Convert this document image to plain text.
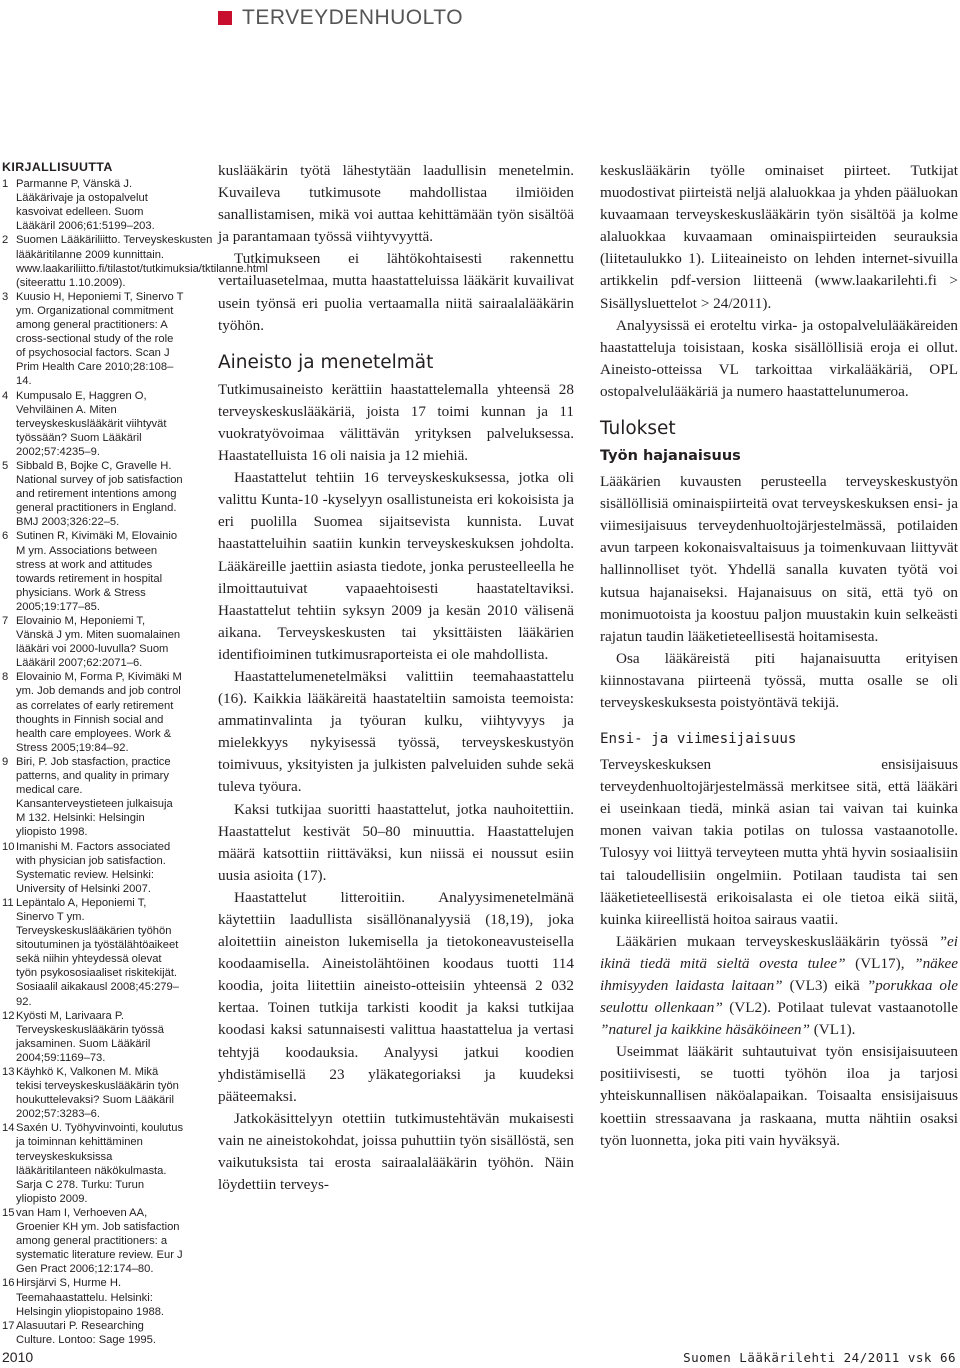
TERVEYDENHUOLTO
KIRJALLISUUTTA
1 Parmanne P, Vänskä J. Lääkärivaje ja ostopalvelut kasvoivat edelleen. Suom Lääkäril 2006;61:5199–203.
2 Suomen Lääkäriliitto. Terveyskeskusten lääkäritilanne 2009 kunnittain. www.laakariliitto.fi/tilastot/tutkimuksia/tktilanne.html (siteerattu 1.10.2009).
3 Kuusio H, Heponiemi T, Sinervo T ym. Organizational commitment among general practitioners: A cross-sectional study of the role of psychosocial factors. Scan J Prim Health Care 2010;28:108–14.
4 Kumpusalo E, Haggren O, Vehviläinen A. Miten terveyskeskuslääkärit viihtyvät työssään? Suom Lääkäril 2002;57:4235–9.
5 Sibbald B, Bojke C, Gravelle H. National survey of job satisfaction and retirement intentions among general practitioners in England. BMJ 2003;326:22–5.
6 Sutinen R, Kivimäki M, Elovainio M ym. Associations between stress at work and attitudes towards retirement in hospital physicians. Work & Stress 2005;19:177–85.
7 Elovainio M, Heponiemi T, Vänskä J ym. Miten suomalainen lääkäri voi 2000-luvulla? Suom Lääkäril 2007;62:2071–6.
8 Elovainio M, Forma P, Kivimäki M ym. Job demands and job control as correlates of early retirement thoughts in Finnish social and health care employees. Work & Stress 2005;19:84–92.
9 Biri, P. Job stasfaction, practice patterns, and quality in primary medical care. Kansanterveystieteen julkaisuja M 132. Helsinki: Helsingin yliopisto 1998.
10 Imanishi M. Factors associated with physician job satisfaction. Systematic review. Helsinki: University of Helsinki 2007.
11 Lepäntalo A, Heponiemi T, Sinervo T ym. Terveyskeskuslääkärien työhön sitoutuminen ja työstälähtöaikeet sekä niihin yhteydessä olevat työn psykososiaaliset riskitekijät. Sosiaalil aikakausl 2008;45:279–92.
12 Kyösti M, Larivaara P. Terveyskeskuslääkärin työssä jaksaminen. Suom Lääkäril 2004;59:1169–73.
13 Käyhkö K, Valkonen M. Mikä tekisi terveyskeskuslääkärin työn houkuttelevaksi? Suom Lääkäril 2002;57:3283–6.
14 Saxén U. Työhyvinvointi, koulutus ja toiminnan kehittäminen terveyskeskuksissa lääkäritilanteen näkökulmasta. Sarja C 278. Turku: Turun yliopisto 2009.
15 van Ham I, Verhoeven AA, Groenier KH ym. Job satisfaction among general practitioners: a systematic literature review. Eur J Gen Pract 2006;12:174–80.
16 Hirsjärvi S, Hurme H. Teemahaastattelu. Helsinki: Helsingin yliopistopaino 1988.
17 Alasuutari P. Researching Culture. Lontoo: Sage 1995.

kuslääkärin työtä lähestytään laadullisin menetelmin. Kuvaileva tutkimusote mahdollistaa ilmiöiden sanallistamisen, mikä voi auttaa kehittämään työn sisältöä ja parantamaan työssä viihtyvyyttä.

Tutkimukseen ei lähtökohtaisesti rakennettu vertailuasetelmaa, mutta haastatteluissa lääkärit kuvailivat usein työnsä eri puolia vertaamalla niitä sairaalalääkärin työhön.

Aineisto ja menetelmät

Tutkimusaineisto kerättiin haastattelemalla yhteensä 28 terveyskeskuslääkäriä, joista 17 toimi kunnan ja 11 vuokratyövoimaa välittävän yrityksen palveluksessa. Haastatelluista 16 oli naisia ja 12 miehiä.

Haastattelut tehtiin 16 terveyskeskuksessa, jotka oli valittu Kunta-10 -kyselyyn osallistuneista eri kokoisista ja eri puolilla Suomea sijaitsevista kunnista. Luvat haastatteluihin saatiin kunkin terveyskeskuksen johdolta. Lääkäreille jaettiin asiasta tiedote, jonka perusteelleella he ilmoittautuivat vapaaehtoisesti haastateltaviksi. Haastattelut tehtiin syksyn 2009 ja kesän 2010 välisenä aikana. Terveyskeskusten tai yksittäisten lääkärien identifioiminen tutkimusraporteista ei ole mahdollista.

Haastattelumenetelmäksi valittiin teemahaastattelu (16). Kaikkia lääkäreitä haastateltiin samoista teemoista: ammatinvalinta ja työuran kulku, viihtyvyys ja mielekkyys nykyisessä työssä, terveyskeskustyön toimivuus, yksityisten ja julkisten palveluiden suhde sekä tuleva työura.

Kaksi tutkijaa suoritti haastattelut, jotka nauhoitettiin. Haastattelut kestivät 50–80 minuuttia. Haastattelujen määrä katsottiin riittäväksi, kun niissä ei noussut esiin uusia asioita (17).

Haastattelut litteroitiin. Analyysimenetelmänä käytettiin laadullista sisällönanalyysiä (18,19), joka aloitettiin aineiston lukemisella ja tietokoneavusteisella koodaamisella. Aineistolähtöinen koodaus tuotti 114 koodia, joita liitettiin aineisto-otteisiin yhteensä 2 032 kertaa. Toinen tutkija tarkisti koodit ja kaksi tutkijaa koodasi kaksi satunnaisesti valittua haastattelua ja vertasi tehtyjä koodauksia. Analyysi jatkui koodien yhdistämisellä 23 yläkategoriaksi ja kuudeksi pääteemaksi.

Jatkokäsittelyyn otettiin tutkimustehtävän mukaisesti vain ne aineistokohdat, joissa puhuttiin työn sisällöstä, sen vaikutuksista tai erosta sairaalalääkärin työhön. Näin löydettiin terveys-

keskuslääkärin työlle ominaiset piirteet. Tutkijat muodostivat piirteistä neljä alaluokkaa ja yhden pääluokan kuvaamaan terveyskeskuslääkärin työn sisältöä ja kolme alaluokkaa kuvaamaan ominaispiirteiden seurauksia (liitetaulukko 1). Liiteaineisto on lehden internet-sivuilla artikkelin pdf-version liitteenä (www.laakarilehti.fi > Sisällysluettelot > 24/2011).

Analyysissä ei eroteltu virka- ja ostopalvelulääkäreiden haastatteluja toisistaan, koska sisällöllisiä eroja ei ollut. Aineisto-otteissa VL tarkoittaa virkalääkäriä, OPL ostopalvelulääkäriä ja numero haastattelunumeroa.

Tulokset
Työn hajanaisuus

Lääkärien kuvausten perusteella terveyskeskustyön sisällöllisiä ominaispiirteitä ovat terveyskeskuksen ensi- ja viimesijaisuus terveydenhuoltojärjestelmässä, potilaiden avun tarpeen kokonaisvaltaisuus ja toimenkuvaan liittyvät hallinnolliset työt. Yhdellä sanalla kuvaten työtä voi kutsua hajanaiseksi. Hajanaisuus on sitä, että työ on monimuotoista ja koostuu paljon muustakin kuin selkeästi rajatun taudin lääketieteellisestä hoitamisesta.

Osa lääkäreistä piti hajanaisuutta erityisen kiinnostavana piirteenä työssä, mutta osalle se oli terveyskeskuksesta poistyöntävä tekijä.

Ensi- ja viimesijaisuus

Terveyskeskuksen ensisijaisuus terveydenhuoltojärjestelmässä merkitsee sitä, että lääkäri ei useinkaan tiedä, minkä asian tai vaivan tai kuinka monen vaivan takia potilas on tulossa vastaanotolle. Tulosyy voi liittyä terveyteen mutta yhtä hyvin sosiaalisiin tai taloudellisiin ongelmiin. Potilaan taudista tai sen lääketieteellisestä erikoisalasta ei ole tietoa eikä siitä, kuinka kiireellistä hoitoa sairaus vaatii.

Lääkärien mukaan terveyskeskuslääkärin työssä ”ei ikinä tiedä mitä sieltä ovesta tulee” (VL17), ”näkee ihmisyyden laidasta laitaan” (VL3) eikä ”porukkaa ole seulottu ollenkaan” (VL2). Potilaat tulevat vastaanotolle ”naturel ja kaikkine häsäköineen” (VL1).

Useimmat lääkärit suhtautuivat työn ensisijaisuuteen positiivisesti, se tuotti työhön iloa ja tarjosi yhteiskunnallisen näköalapaikan. Toisaalta ensisijaisuus koettiin stressaavana ja raskaana, mutta nähtiin osaksi työn luonnetta, joka piti vain hyväksyä.

2010	Suomen Lääkärilehti 24/2011 vsk 66
